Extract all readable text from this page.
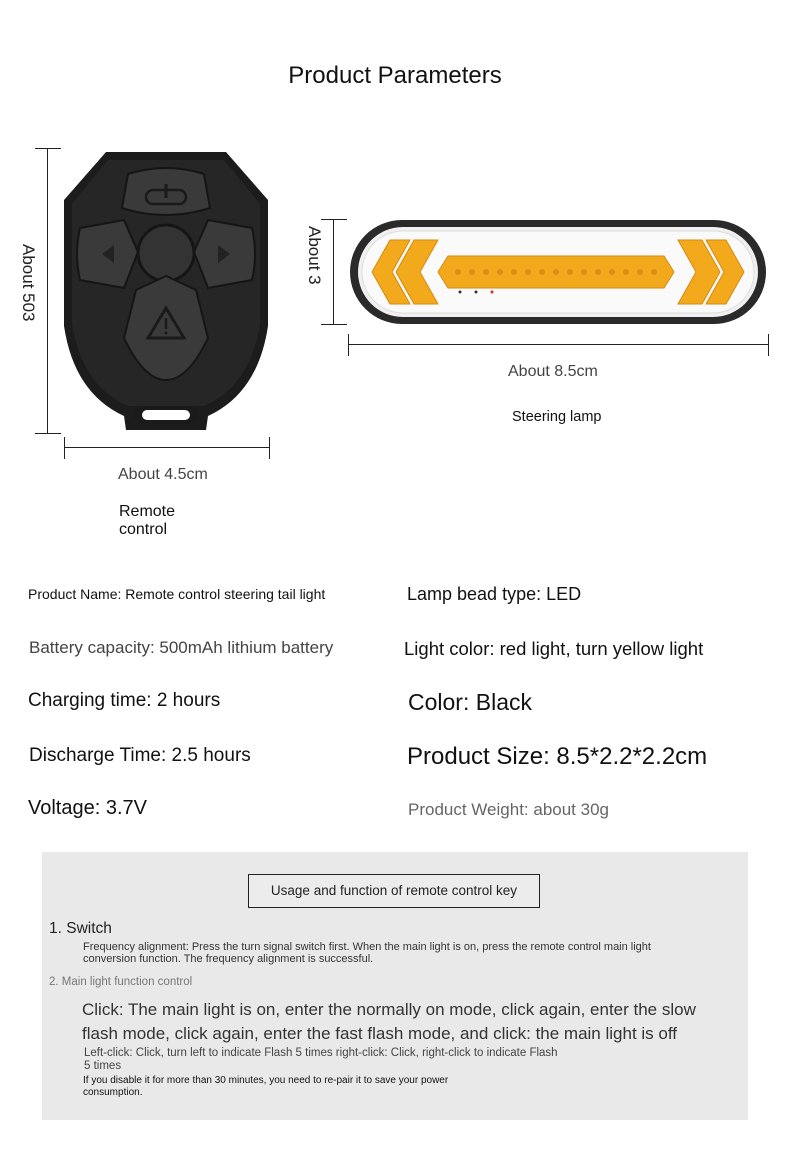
Product Parameters
About 503
About 4.5cm
Remote
control
About 3
About 8.5cm
Steering lamp
Product Name: Remote control steering tail light	Lamp bead type: LED
Battery capacity: 500mAh lithium battery	Light color: red light, turn yellow light
Charging time: 2 hours	Color: Black
Discharge Time: 2.5 hours	Product Size: 8.5*2.2*2.2cm
Voltage: 3.7V	Product Weight: about 30g
Usage and function of remote control key
1. Switch
Frequency alignment: Press the turn signal switch first. When the main light is on, press the remote control main light
conversion function. The frequency alignment is successful.
2. Main light function control
Click: The main light is on, enter the normally on mode, click again, enter the slow
flash mode, click again, enter the fast flash mode, and click: the main light is off
Left-click: Click, turn left to indicate Flash 5 times right-click: Click, right-click to indicate Flash
5 times
If you disable it for more than 30 minutes, you need to re-pair it to save your power
consumption.
